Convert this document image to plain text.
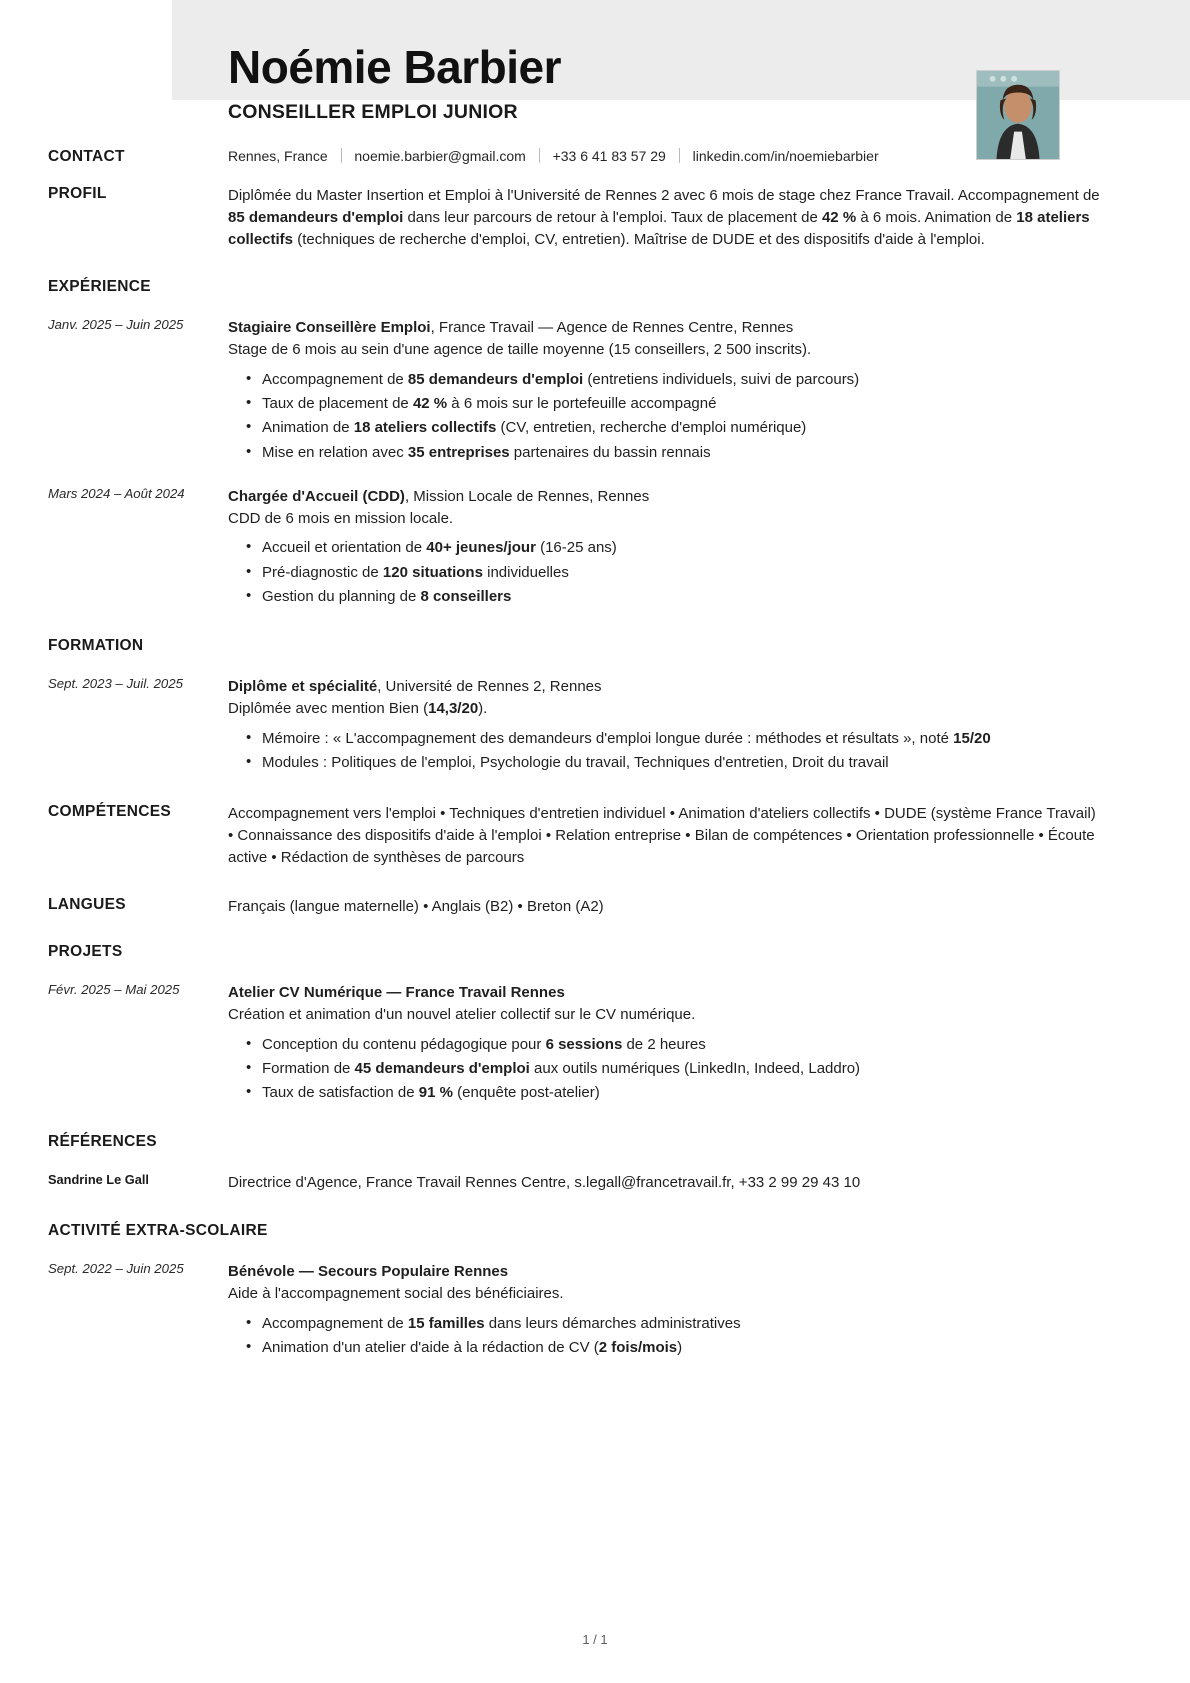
Noémie Barbier
CONSEILLER EMPLOI JUNIOR
CONTACT	Rennes, France noemie.barbier@gmail.com +33 6 41 83 57 29 linkedin.com/in/noemiebarbier
PROFIL	Diplômée du Master Insertion et Emploi à l'Université de Rennes 2 avec 6 mois de stage chez France Travail. Accompagnement de 85 demandeurs d'emploi dans leur parcours de retour à l'emploi. Taux de placement de 42 % à 6 mois. Animation de 18 ateliers collectifs (techniques de recherche d'emploi, CV, entretien). Maîtrise de DUDE et des dispositifs d'aide à l'emploi.
EXPÉRIENCE
Janv. 2025 – Juin 2025	Stagiaire Conseillère Emploi, France Travail — Agence de Rennes Centre, Rennes
Stage de 6 mois au sein d'une agence de taille moyenne (15 conseillers, 2 500 inscrits).
• Accompagnement de 85 demandeurs d'emploi (entretiens individuels, suivi de parcours)
• Taux de placement de 42 % à 6 mois sur le portefeuille accompagné
• Animation de 18 ateliers collectifs (CV, entretien, recherche d'emploi numérique)
• Mise en relation avec 35 entreprises partenaires du bassin rennais
Mars 2024 – Août 2024	Chargée d'Accueil (CDD), Mission Locale de Rennes, Rennes
CDD de 6 mois en mission locale.
• Accueil et orientation de 40+ jeunes/jour (16-25 ans)
• Pré-diagnostic de 120 situations individuelles
• Gestion du planning de 8 conseillers
FORMATION
Sept. 2023 – Juil. 2025	Diplôme et spécialité, Université de Rennes 2, Rennes
Diplômée avec mention Bien (14,3/20).
• Mémoire : « L'accompagnement des demandeurs d'emploi longue durée : méthodes et résultats », noté 15/20
• Modules : Politiques de l'emploi, Psychologie du travail, Techniques d'entretien, Droit du travail
COMPÉTENCES	Accompagnement vers l'emploi • Techniques d'entretien individuel • Animation d'ateliers collectifs • DUDE (système France Travail) • Connaissance des dispositifs d'aide à l'emploi • Relation entreprise • Bilan de compétences • Orientation professionnelle • Écoute active • Rédaction de synthèses de parcours
LANGUES	Français (langue maternelle) • Anglais (B2) • Breton (A2)
PROJETS
Févr. 2025 – Mai 2025	Atelier CV Numérique — France Travail Rennes
Création et animation d'un nouvel atelier collectif sur le CV numérique.
• Conception du contenu pédagogique pour 6 sessions de 2 heures
• Formation de 45 demandeurs d'emploi aux outils numériques (LinkedIn, Indeed, Laddro)
• Taux de satisfaction de 91 % (enquête post-atelier)
RÉFÉRENCES
Sandrine Le Gall	Directrice d'Agence, France Travail Rennes Centre, s.legall@francetravail.fr, +33 2 99 29 43 10
ACTIVITÉ EXTRA-SCOLAIRE
Sept. 2022 – Juin 2025	Bénévole — Secours Populaire Rennes
Aide à l'accompagnement social des bénéficiaires.
• Accompagnement de 15 familles dans leurs démarches administratives
• Animation d'un atelier d'aide à la rédaction de CV (2 fois/mois)
1 / 1
